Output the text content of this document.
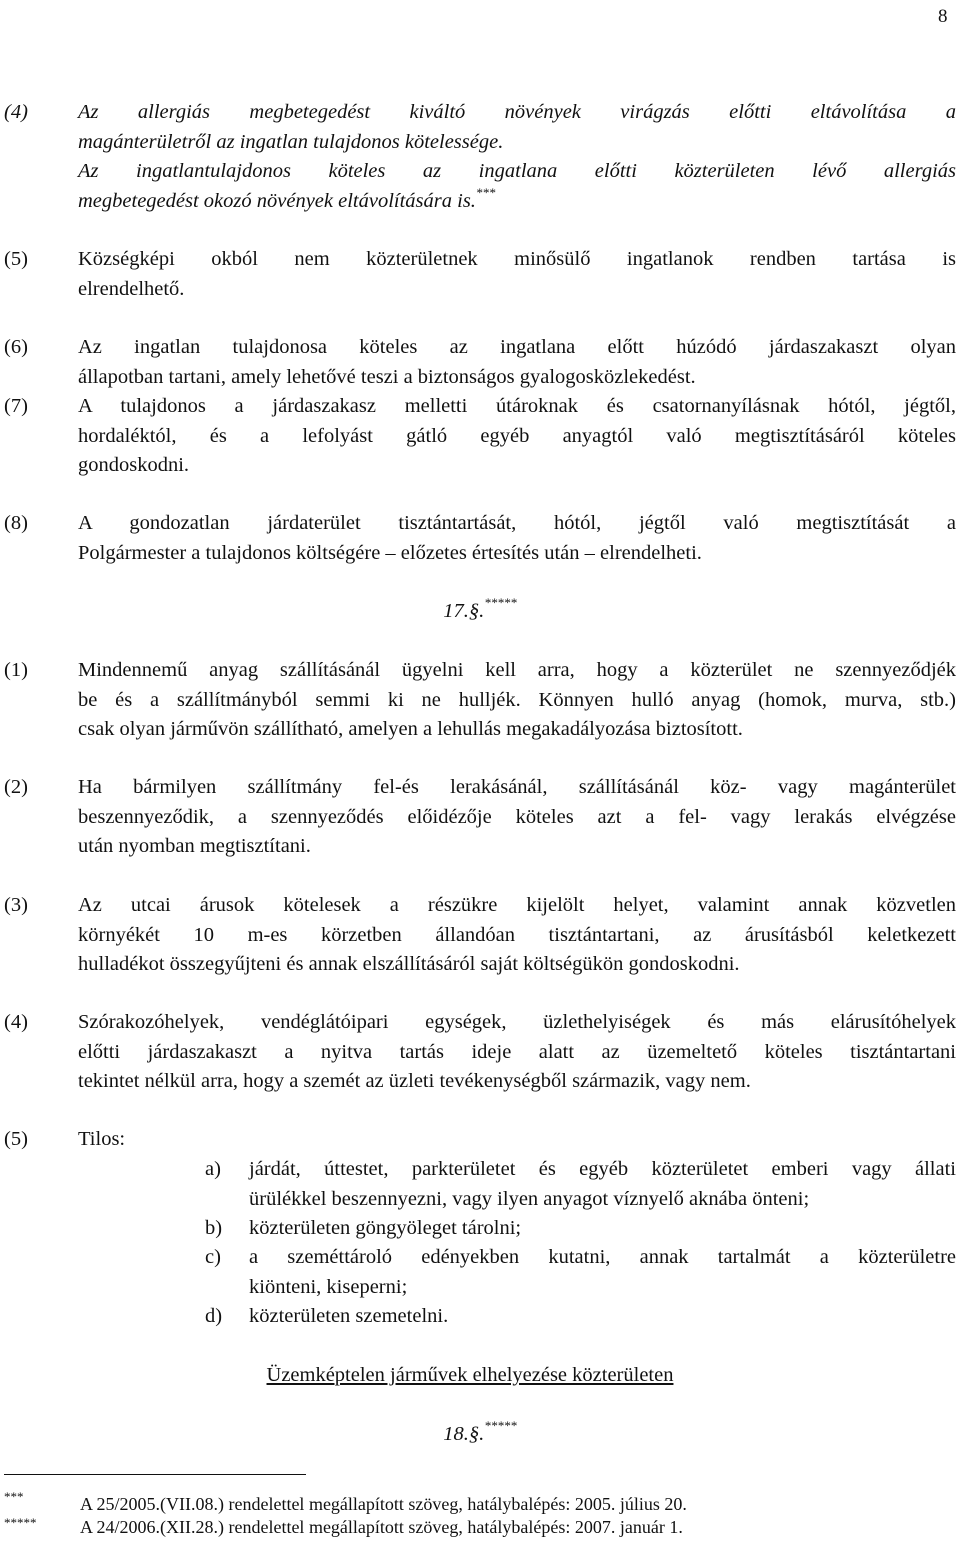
8
(4) Az allergiás megbetegedést kiváltó növények virágzás előtti eltávolítása a
magánterületről az ingatlan tulajdonos kötelessége.
Az ingatlantulajdonos köteles az ingatlana előtti közterületen lévő allergiás
megbetegedést okozó növények eltávolítására is.***
(5) Községképi okból nem közterületnek minősülő ingatlanok rendben tartása is
elrendelhető.
(6) Az ingatlan tulajdonosa köteles az ingatlana előtt húzódó járdaszakaszt olyan
állapotban tartani, amely lehetővé teszi a biztonságos gyalogosközlekedést.
(7) A tulajdonos a járdaszakasz melletti útároknak és csatornanyílásnak hótól, jégtől,
hordaléktól, és a lefolyást gátló egyéb anyagtól való megtisztításáról köteles
gondoskodni.
(8) A gondozatlan járdaterület tisztántartását, hótól, jégtől való megtisztítását a
Polgármester a tulajdonos költségére – előzetes értesítés után – elrendelheti.
17.§.*****
(1) Mindennemű anyag szállításánál ügyelni kell arra, hogy a közterület ne szennyeződjék
be és a szállítmányból semmi ki ne hulljék. Könnyen hulló anyag (homok, murva, stb.)
csak olyan járművön szállítható, amelyen a lehullás megakadályozása biztosított.
(2) Ha bármilyen szállítmány fel-és lerakásánál, szállításánál köz- vagy magánterület
beszennyeződik, a szennyeződés előidézője köteles azt a fel- vagy lerakás elvégzése
után nyomban megtisztítani.
(3) Az utcai árusok kötelesek a részükre kijelölt helyet, valamint annak közvetlen
környékét 10 m-es körzetben állandóan tisztántartani, az árusításból keletkezett
hulladékot összegyűjteni és annak elszállításáról saját költségükön gondoskodni.
(4) Szórakozóhelyek, vendéglátóipari egységek, üzlethelyiségek és más elárusítóhelyek
előtti járdaszakaszt a nyitva tartás ideje alatt az üzemeltető köteles tisztántartani
tekintet nélkül arra, hogy a szemét az üzleti tevékenységből származik, vagy nem.
(5) Tilos:
a) járdát, úttestet, parkterületet és egyéb közterületet emberi vagy állati
ürülékkel beszennyezni, vagy ilyen anyagot víznyelő aknába önteni;
b) közterületen göngyöleget tárolni;
c) a szeméttároló edényekben kutatni, annak tartalmát a közterületre
kiönteni, kiseperni;
d) közterületen szemetelni.
Üzemképtelen járművek elhelyezése közterületen
18.§.*****
***	A 25/2005.(VII.08.) rendelettel megállapított szöveg, hatálybalépés: 2005. július 20.
***** A 24/2006.(XII.28.) rendelettel megállapított szöveg, hatálybalépés: 2007. január 1.
